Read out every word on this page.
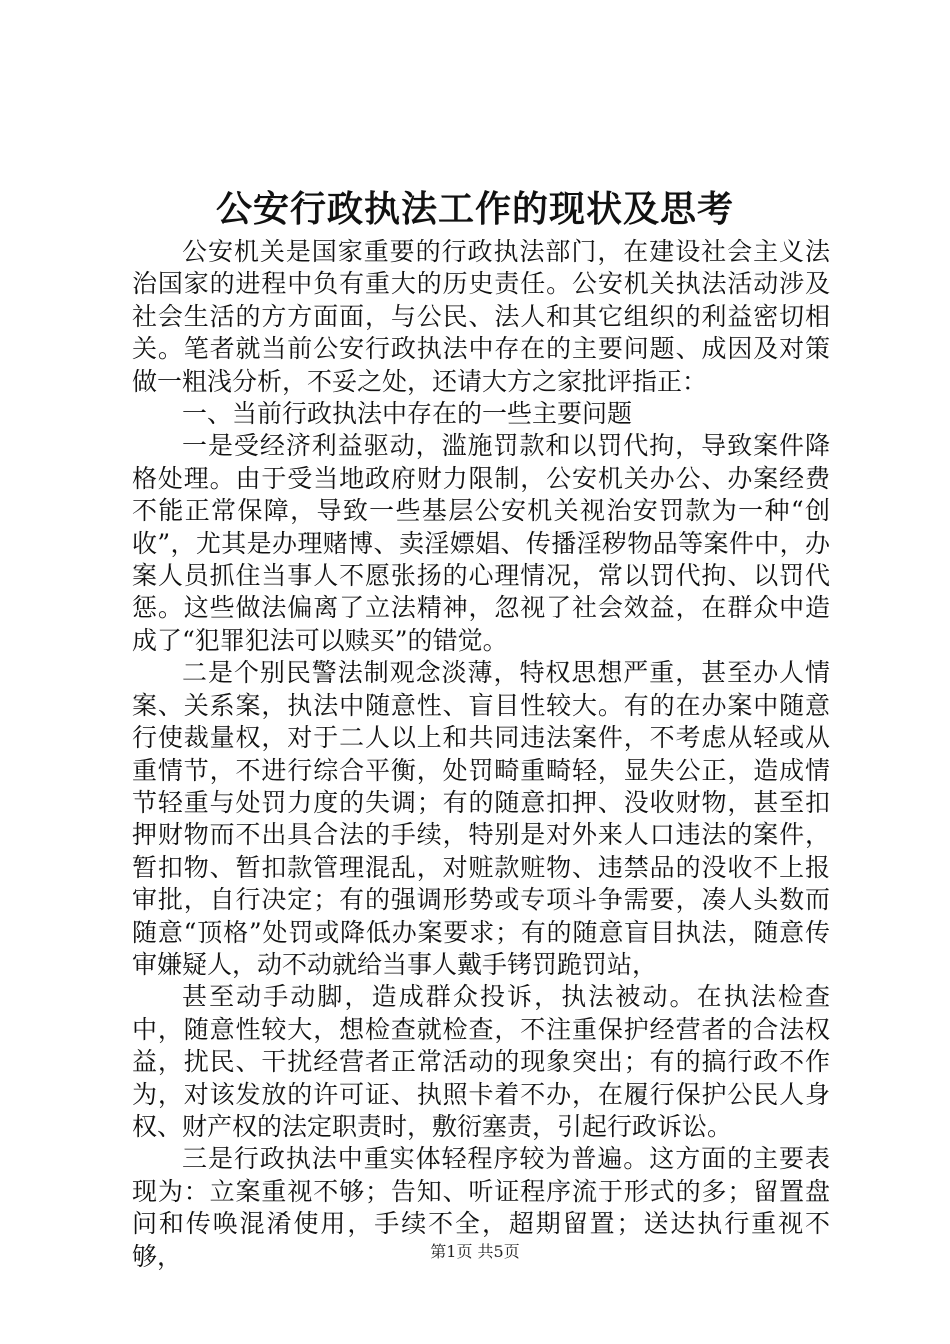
公安行政执法工作的现状及思考

公安机关是国家重要的行政执法部门，在建设社会主义法治国家的进程中负有重大的历史责任。公安机关执法活动涉及社会生活的方方面面，与公民、法人和其它组织的利益密切相关。笔者就当前公安行政执法中存在的主要问题、成因及对策做一粗浅分析，不妥之处，还请大方之家批评指正：

一、当前行政执法中存在的一些主要问题

一是受经济利益驱动，滥施罚款和以罚代拘，导致案件降格处理。由于受当地政府财力限制，公安机关办公、办案经费不能正常保障，导致一些基层公安机关视治安罚款为一种“创收”，尤其是办理赌博、卖淫嫖娼、传播淫秽物品等案件中，办案人员抓住当事人不愿张扬的心理情况，常以罚代拘、以罚代惩。这些做法偏离了立法精神，忽视了社会效益，在群众中造成了“犯罪犯法可以赎买”的错觉。

二是个别民警法制观念淡薄，特权思想严重，甚至办人情案、关系案，执法中随意性、盲目性较大。有的在办案中随意行使裁量权，对于二人以上和共同违法案件，不考虑从轻或从重情节，不进行综合平衡，处罚畸重畸轻，显失公正，造成情节轻重与处罚力度的失调；有的随意扣押、没收财物，甚至扣押财物而不出具合法的手续，特别是对外来人口违法的案件，暂扣物、暂扣款管理混乱，对赃款赃物、违禁品的没收不上报审批，自行决定；有的强调形势或专项斗争需要，凑人头数而随意“顶格”处罚或降低办案要求；有的随意盲目执法，随意传审嫌疑人，动不动就给当事人戴手铐罚跪罚站，

甚至动手动脚，造成群众投诉，执法被动。在执法检查中，随意性较大，想检查就检查，不注重保护经营者的合法权益，扰民、干扰经营者正常活动的现象突出；有的搞行政不作为，对该发放的许可证、执照卡着不办，在履行保护公民人身权、财产权的法定职责时，敷衍塞责，引起行政诉讼。

三是行政执法中重实体轻程序较为普遍。这方面的主要表现为：立案重视不够；告知、听证程序流于形式的多；留置盘问和传唤混淆使用，手续不全，超期留置；送达执行重视不够，	第1页 共5页
